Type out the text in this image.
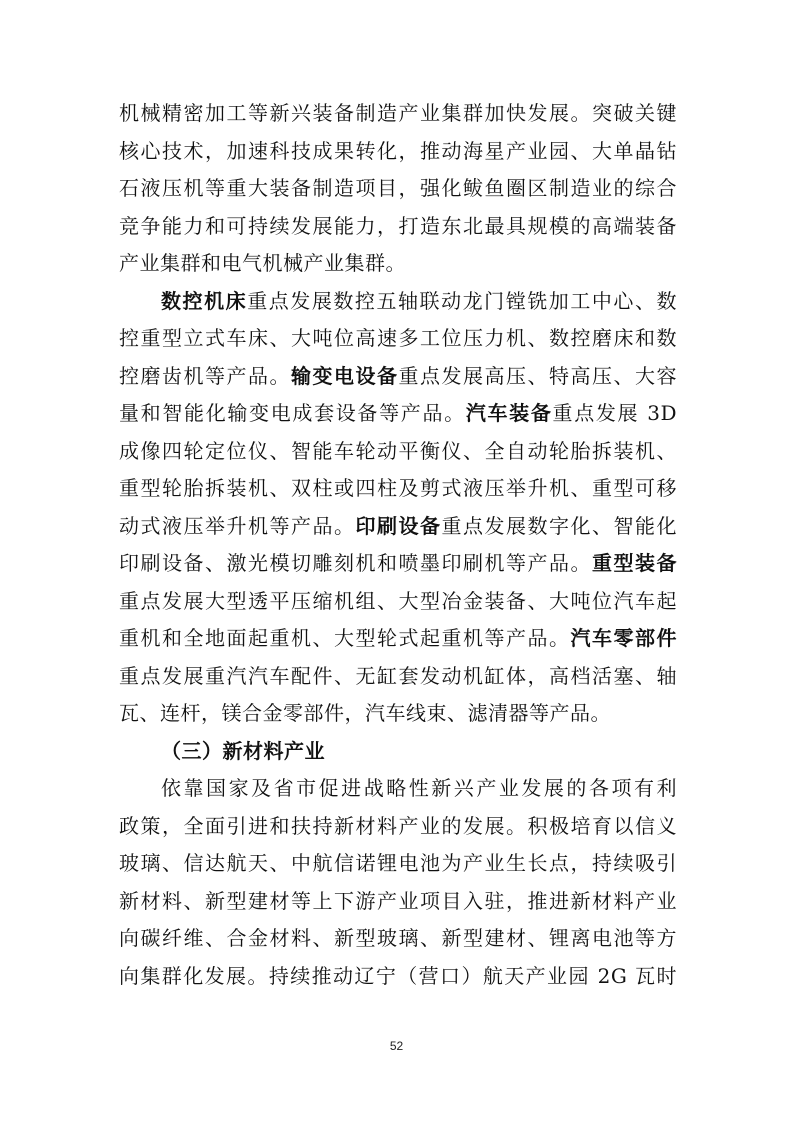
机械精密加工等新兴装备制造产业集群加快发展。突破关键
核心技术，加速科技成果转化，推动海星产业园、大单晶钻
石液压机等重大装备制造项目，强化鲅鱼圈区制造业的综合
竞争能力和可持续发展能力，打造东北最具规模的高端装备
产业集群和电气机械产业集群。
数控机床重点发展数控五轴联动龙门镗铣加工中心、数
控重型立式车床、大吨位高速多工位压力机、数控磨床和数
控磨齿机等产品。输变电设备重点发展高压、特高压、大容
量和智能化输变电成套设备等产品。汽车装备重点发展 3D
成像四轮定位仪、智能车轮动平衡仪、全自动轮胎拆装机、
重型轮胎拆装机、双柱或四柱及剪式液压举升机、重型可移
动式液压举升机等产品。印刷设备重点发展数字化、智能化
印刷设备、激光模切雕刻机和喷墨印刷机等产品。重型装备
重点发展大型透平压缩机组、大型冶金装备、大吨位汽车起
重机和全地面起重机、大型轮式起重机等产品。汽车零部件
重点发展重汽汽车配件、无缸套发动机缸体，高档活塞、轴
瓦、连杆，镁合金零部件，汽车线束、滤清器等产品。
（三）新材料产业
依靠国家及省市促进战略性新兴产业发展的各项有利
政策，全面引进和扶持新材料产业的发展。积极培育以信义
玻璃、信达航天、中航信诺锂电池为产业生长点，持续吸引
新材料、新型建材等上下游产业项目入驻，推进新材料产业
向碳纤维、合金材料、新型玻璃、新型建材、锂离电池等方
向集群化发展。持续推动辽宁（营口）航天产业园 2G 瓦时
52
